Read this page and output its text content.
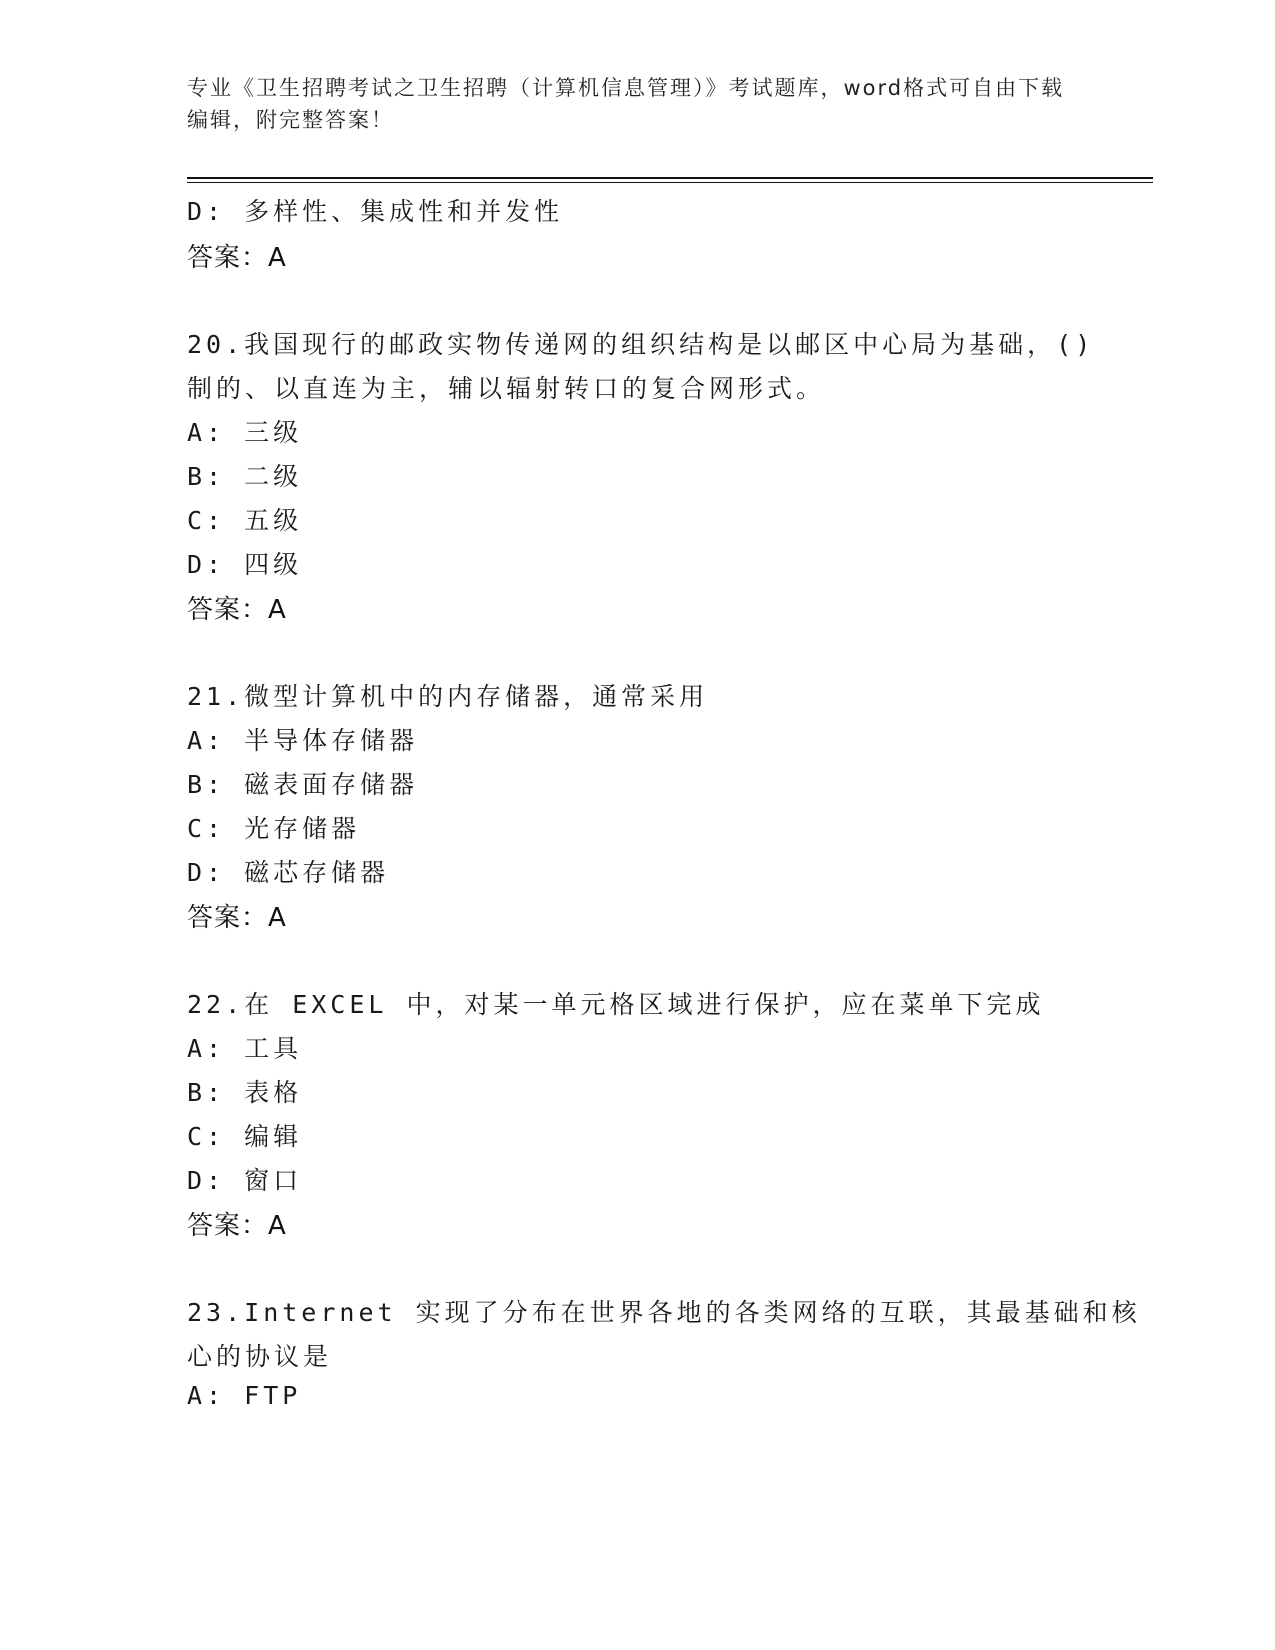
专业《卫生招聘考试之卫生招聘（计算机信息管理）》考试题库，word格式可自由下载编辑，附完整答案！
D: 多样性、集成性和并发性
答案：A
20.我国现行的邮政实物传递网的组织结构是以邮区中心局为基础，()
制的、以直连为主，辅以辐射转口的复合网形式。
A: 三级
B: 二级
C: 五级
D: 四级
答案：A
21.微型计算机中的内存储器，通常采用
A: 半导体存储器
B: 磁表面存储器
C: 光存储器
D: 磁芯存储器
答案：A
22.在 EXCEL 中，对某一单元格区域进行保护，应在菜单下完成
A: 工具
B: 表格
C: 编辑
D: 窗口
答案：A
23.Internet 实现了分布在世界各地的各类网络的互联，其最基础和核
心的协议是
A: FTP
